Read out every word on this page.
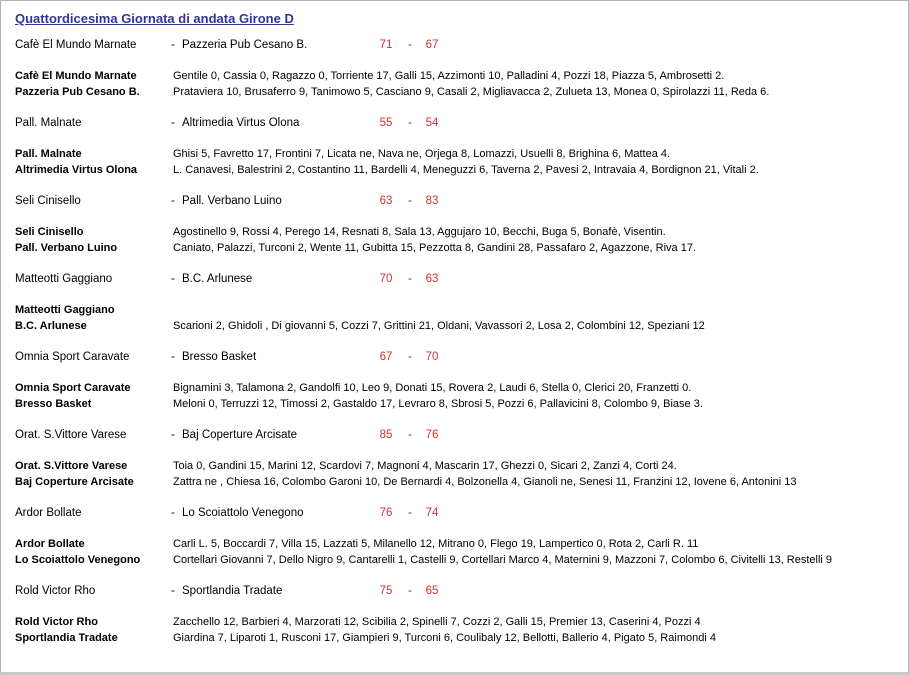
Quattordicesima Giornata di andata Girone D
Cafè El Mundo Marnate	- Pazzeria Pub Cesano B.	71	-	67
Cafè El Mundo Marnate	Gentile 0, Cassia 0, Ragazzo 0, Torriente 17, Galli 15, Azzimonti 10, Palladini 4, Pozzi 18, Piazza 5, Ambrosetti 2.
Pazzeria Pub Cesano B.	Prataviera 10, Brusaferro 9, Tanimowo 5, Casciano 9, Casali 2, Migliavacca 2, Zulueta 13, Monea 0, Spirolazzi 11, Reda 6.
Pall. Malnate	- Altrimedia Virtus Olona	55	-	54
Pall. Malnate	Ghisi 5, Favretto 17, Frontini 7, Licata ne, Nava ne, Orjega 8, Lomazzi, Usuelli 8, Brighina 6, Mattea 4.
Altrimedia Virtus Olona	L. Canavesi, Balestrini 2, Costantino 11, Bardelli 4, Meneguzzi 6, Taverna 2, Pavesi 2, Intravaia 4, Bordignon 21, Vitali 2.
Seli Cinisello	- Pall. Verbano Luino	63	-	83
Seli Cinisello	Agostinello 9, Rossi 4, Perego 14, Resnati 8, Sala 13, Aggujaro 10, Becchi, Buga 5, Bonafè, Visentin.
Pall. Verbano Luino	Caniato, Palazzi, Turconi 2, Wente 11, Gubitta 15, Pezzotta 8, Gandini 28, Passafaro 2, Agazzone, Riva 17.
Matteotti Gaggiano	- B.C. Arlunese	70	-	63
Matteotti Gaggiano
B.C. Arlunese	Scarioni 2, Ghidoli , Di giovanni 5, Cozzi 7, Grittini 21, Oldani, Vavassori 2, Losa 2, Colombini 12, Speziani 12
Omnia Sport Caravate	- Bresso Basket	67	-	70
Omnia Sport Caravate	Bignamini 3, Talamona 2, Gandolfi 10, Leo 9, Donati 15, Rovera 2, Laudi 6, Stella 0, Clerici 20, Franzetti 0.
Bresso Basket	Meloni 0, Terruzzi 12, Timossi 2, Gastaldo 17, Levraro 8, Sbrosi 5, Pozzi 6, Pallavicini 8, Colombo 9, Biase 3.
Orat. S.Vittore Varese	- Baj Coperture Arcisate	85	-	76
Orat. S.Vittore Varese	Toia 0, Gandini 15, Marini 12, Scardovi 7, Magnoni 4, Mascarin 17, Ghezzi 0, Sicari 2, Zanzi 4, Corti 24.
Baj Coperture Arcisate	Zattra ne , Chiesa 16, Colombo Garoni 10, De Bernardi 4, Bolzonella 4, Gianoli ne, Senesi 11, Franzini 12, Iovene 6, Antonini 13
Ardor Bollate	- Lo Scoiattolo Venegono	76	-	74
Ardor Bollate	Carli L. 5, Boccardi 7, Villa 15, Lazzati 5, Milanello 12, Mitrano 0, Flego 19, Lampertico 0, Rota 2, Carli R. 11
Lo Scoiattolo Venegono	Cortellari Giovanni 7, Dello Nigro 9, Cantarelli 1, Castelli 9, Cortellari Marco 4, Maternini 9, Mazzoni 7, Colombo 6, Civitelli 13, Restelli 9
Rold Victor Rho	- Sportlandia Tradate	75	-	65
Rold Victor Rho	Zacchello 12, Barbieri 4, Marzorati 12, Scibilia 2, Spinelli 7, Cozzi 2, Galli 15, Premier 13, Caserini 4, Pozzi 4
Sportlandia Tradate	Giardina 7, Liparoti 1, Rusconi 17, Giampieri 9, Turconi 6, Coulibaly 12, Bellotti, Ballerio 4, Pigato 5, Raimondi 4
